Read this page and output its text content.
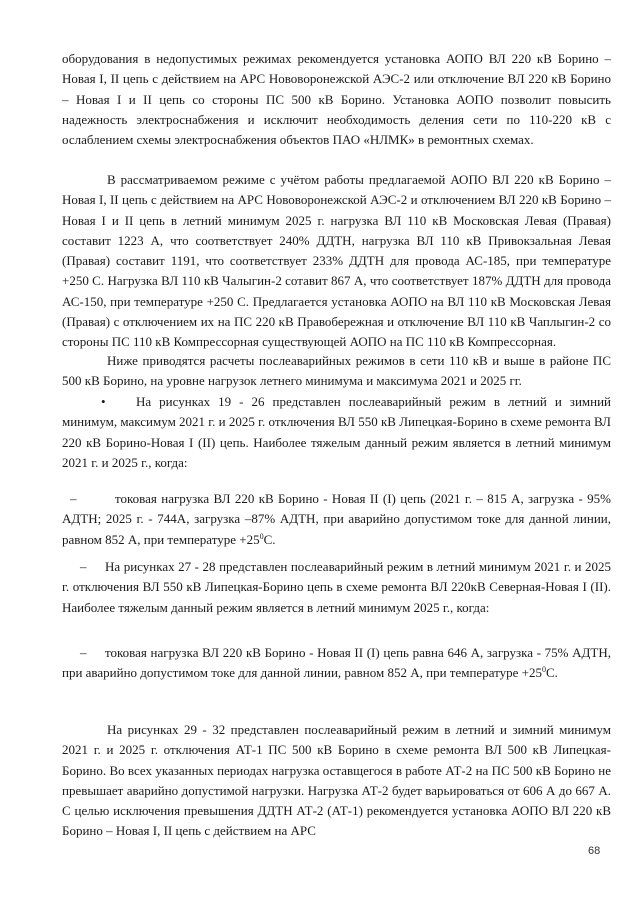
оборудования в недопустимых режимах рекомендуется установка АОПО ВЛ 220 кВ Борино – Новая I, II цепь с действием на АРС Нововоронежской АЭС-2 или отключение ВЛ 220 кВ Борино – Новая I и II цепь со стороны ПС 500 кВ Борино. Установка АОПО позволит повысить надежность электроснабжения и исключит необходимость деления сети по 110-220 кВ с ослаблением схемы электроснабжения объектов ПАО «НЛМК» в ремонтных схемах.

В рассматриваемом режиме с учётом работы предлагаемой АОПО ВЛ 220 кВ Борино – Новая I, II цепь с действием на АРС Нововоронежской АЭС-2 и отключением ВЛ 220 кВ Борино – Новая I и II цепь в летний минимум 2025 г. нагрузка ВЛ 110 кВ Московская Левая (Правая) составит 1223 А, что соответствует 240% ДДТН, нагрузка ВЛ 110 кВ Привокзальная Левая (Правая) составит 1191, что соответствует 233% ДДТН для провода АС-185, при температуре +250 С. Нагрузка ВЛ 110 кВ Чалыгин-2 сотавит 867 А, что соответствует 187% ДДТН для провода АС-150, при температуре +250 С. Предлагается установка АОПО на ВЛ 110 кВ Московская Левая (Правая) с отключением их на ПС 220 кВ Правобережная и отключение ВЛ 110 кВ Чаплыгин-2 со стороны ПС 110 кВ Компрессорная существующей АОПО на ПС 110 кВ Компрессорная.

Ниже приводятся расчеты послеаварийных режимов в сети 110 кВ и выше в районе ПС 500 кВ Борино, на уровне нагрузок летнего минимума и максимума 2021 и 2025 гг.

•	На рисунках 19 - 26 представлен послеаварийный режим в летний и зимний минимум, максимум 2021 г. и 2025 г. отключения ВЛ 550 кВ Липецкая-Борино в схеме ремонта ВЛ 220 кВ Борино-Новая I (II) цепь. Наиболее тяжелым данный режим является в летний минимум 2021 г. и 2025 г., когда:

–	токовая нагрузка ВЛ 220 кВ Борино - Новая II (I) цепь (2021 г. – 815 А, загрузка - 95% АДТН; 2025 г. - 744А, загрузка –87% АДТН, при аварийно допустимом токе для данной линии, равном 852 А, при температуре $+25^0С$.

–	На рисунках 27 - 28 представлен послеаварийный режим в летний минимум 2021 г. и 2025 г. отключения ВЛ 550 кВ Липецкая-Борино цепь в схеме ремонта ВЛ 220кВ Северная-Новая I (II). Наиболее тяжелым данный режим является в летний минимум 2025 г., когда:

–	токовая нагрузка ВЛ 220 кВ Борино - Новая II (I) цепь равна 646 А, загрузка - 75% АДТН, при аварийно допустимом токе для данной линии, равном 852 А, при температуре $+25^0С$.

На рисунках 29 - 32 представлен послеаварийный режим в летний и зимний минимум 2021 г. и 2025 г. отключения АТ-1 ПС 500 кВ Борино в схеме ремонта ВЛ 500 кВ Липецкая-Борино. Во всех указанных периодах нагрузка оставщегося в работе АТ-2 на ПС 500 кВ Борино не превышает аварийно допустимой нагрузки. Нагрузка АТ-2 будет варьироваться от 606 А до 667 А. С целью исключения превышения ДДТН АТ-2 (АТ-1) рекомендуется установка АОПО ВЛ 220 кВ Борино – Новая I, II цепь с действием на АРС

68
